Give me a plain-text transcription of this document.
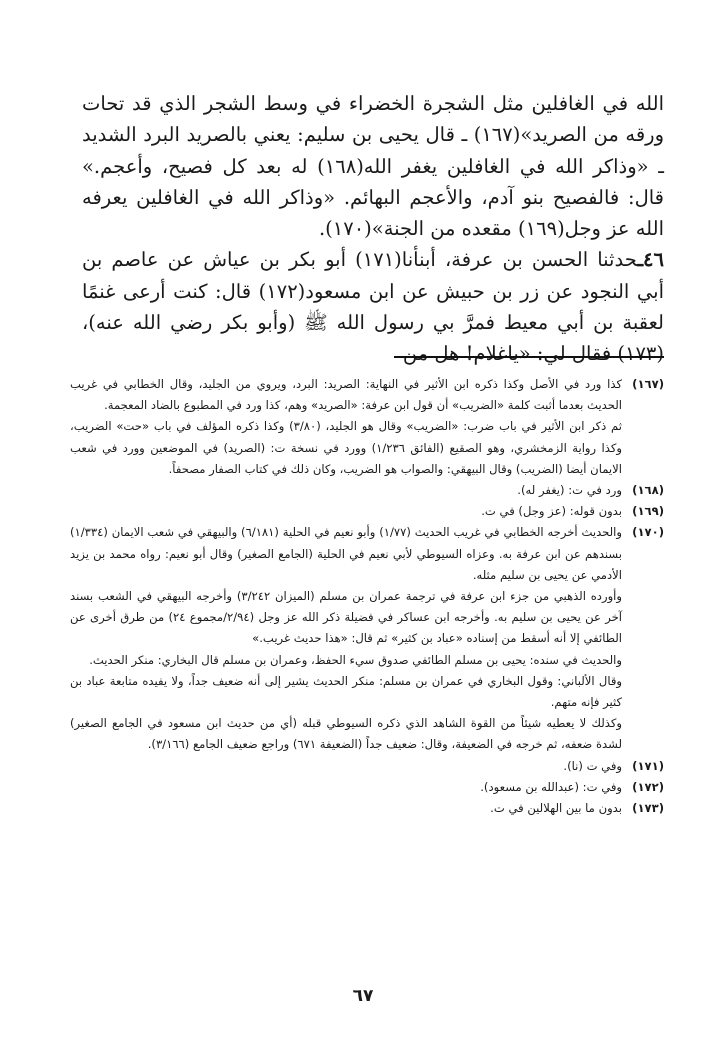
الله في الغافلين مثل الشجرة الخضراء في وسط الشجر الذي قد تحات ورقه من الصريد»(١٦٧) ـ قال يحيى بن سليم: يعني بالصريد البرد الشديد ـ «وذاكر الله في الغافلين يغفر الله(١٦٨) له بعد كل فصيح، وأعجم.» قال: فالفصيح بنو آدم، والأعجم البهائم. «وذاكر الله في الغافلين يعرفه الله عز وجل(١٦٩) مقعده من الجنة»(١٧٠).

٤٦ـحدثنا الحسن بن عرفة، أبنأنا(١٧١) أبو بكر بن عياش عن عاصم بن أبي النجود عن زر بن حبيش عن ابن مسعود(١٧٢) قال: كنت أرعى غنمًا لعقبة بن أبي معيط فمرَّ بي رسول الله ﷺ (وأبو بكر رضي الله عنه)،(١٧٣) فقال لي: «ياغلام! هل من

(١٦٧)

كذا ورد في الأصل وكذا ذكره ابن الأثير في النهاية: الصريد: البرد، ويروي من الجليد، وقال الخطابي في غريب الحديث بعدما أثبت كلمة «الضريب» أن قول ابن عرفة: «الصريد» وهم، كذا ورد في المطبوع بالضاد المعجمة.

ثم ذكر ابن الأثير في باب ضرب: «الضريب» وقال هو الجليد، (٣/٨٠) وكذا ذكره المؤلف في باب «حت» الضريب، وكذا رواية الزمخشري، وهو الصقيع (الفائق ١/٢٣٦) وورد في نسخة ت: (الصريد) في الموضعين وورد في شعب الايمان أيضا (الضريب) وقال البيهقي: والصواب هو الضريب، وكان ذلك في كتاب الصفار مصحفاً.

(١٦٨)

ورد في ت: (يغفر له).

(١٦٩)

بدون قوله: (عز وجل) في ت.

(١٧٠)

والحديث أخرجه الخطابي في غريب الحديث (١/٧٧) وأبو نعيم في الحلية (٦/١٨١) والبيهقي في شعب الايمان (١/٣٣٤) بسندهم عن ابن عرفة به. وعزاه السيوطي لأبي نعيم في الحلية (الجامع الصغير) وقال أبو نعيم: رواه محمد بن يزيد الأدمي عن يحيى بن سليم مثله.

وأورده الذهبي من جزء ابن عرفة في ترجمة عمران بن مسلم (الميزان ٣/٢٤٢) وأخرجه البيهقي في الشعب بسند آخر عن يحيى بن سليم به. وأخرجه ابن عساكر في فضيلة ذكر الله عز وجل (٢/٩٤/مجموع ٢٤) من طرق أخرى عن الطائفي إلا أنه أسقط من إسناده «عباد بن كثير» ثم قال: «هذا حديث غريب.»

والحديث في سنده: يحيى بن مسلم الطائفي صدوق سيء الحفظ، وعمران بن مسلم قال البخاري: منكر الحديث.

وقال الألباني: وقول البخاري في عمران بن مسلم: منكر الحديث يشير إلى أنه ضعيف جداً، ولا يفيده متابعة عباد بن كثير فإنه متهم.

وكذلك لا يعطيه شيئاً من القوة الشاهد الذي ذكره السيوطي قبله (أي من حديث ابن مسعود في الجامع الصغير) لشدة ضعفه، ثم خرجه في الضعيفة، وقال: ضعيف جداً (الضعيفة ٦٧١) وراجع ضعيف الجامع (٣/١٦٦).

(١٧١)

وفي ت (نا).

(١٧٢)

وفي ت: (عبدالله بن مسعود).

(١٧٣)

بدون ما بين الهلالين في ت.

٦٧
